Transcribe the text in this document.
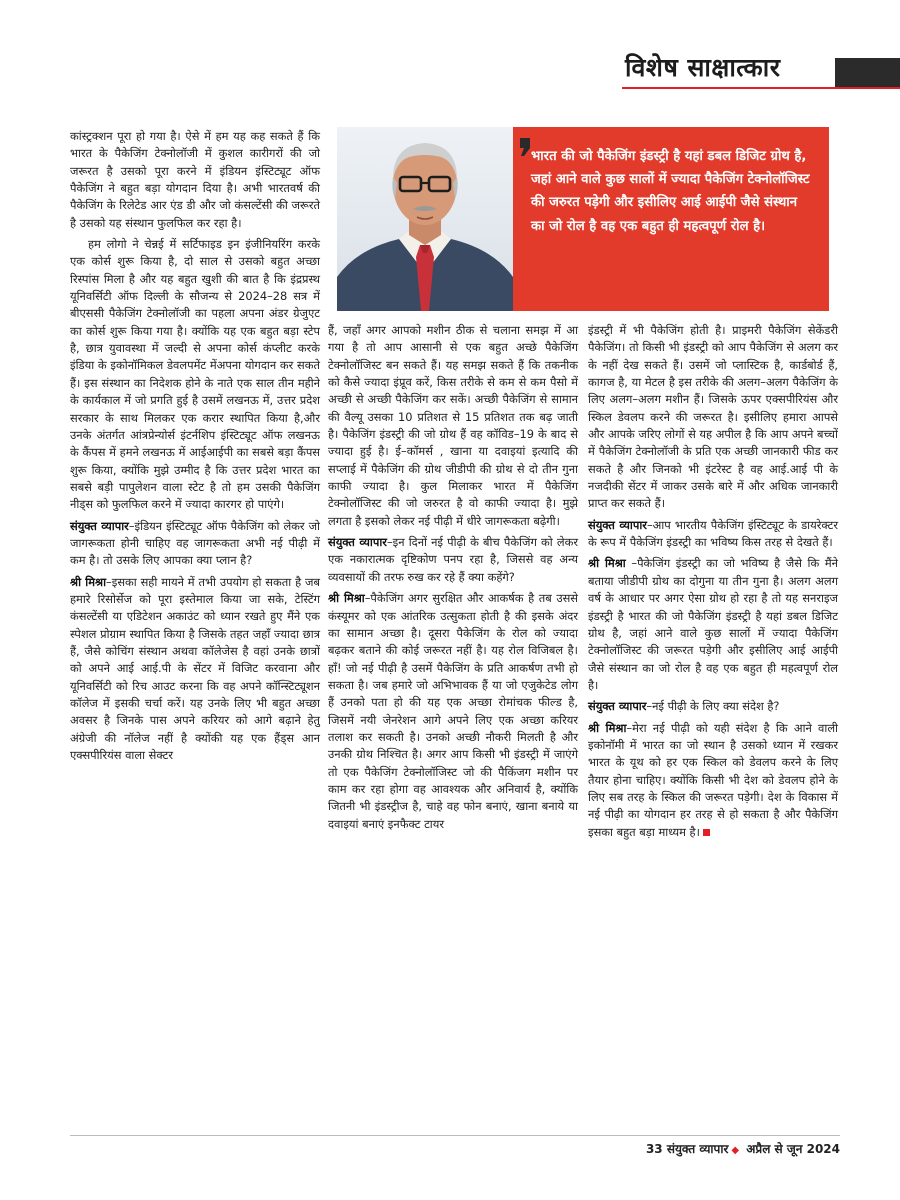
विशेष साक्षात्कार
भारत की जो पैकेजिंग इंडस्ट्री है यहां डबल डिजिट ग्रोथ है, जहां आने वाले कुछ सालों में ज्यादा पैकेजिंग टेक्नोलॉजिस्ट की जरुरत पड़ेगी और इसीलिए आई आईपी जैसे संस्थान का जो रोल है वह एक बहुत ही महत्वपूर्ण रोल है।

कांस्ट्रक्शन पूरा हो गया है। ऐसे में हम यह कह सकते हैं कि भारत के पैकेजिंग टेक्नोलॉजी में कुशल कारीगरों की जो जरूरत है उसको पूरा करने में इंडियन इंस्टिट्यूट ऑफ पैकेजिंग ने बहुत बड़ा योगदान दिया है। अभी भारतवर्ष की पैकेजिंग के रिलेटेड आर एंड डी और जो कंसल्टेंसी की जरूरते है उसको यह संस्थान फुलफिल कर रहा है।

हम लोगो ने चेन्नई में सर्टिफाइड इन इंजीनियरिंग करके एक कोर्स शुरू किया है, दो साल से उसको बहुत अच्छा रिस्पांस मिला है और यह बहुत खुशी की बात है कि इंद्रप्रस्थ यूनिवर्सिटी ऑफ दिल्ली के सौजन्य से 2024–28 सत्र में बीएससी पैकेजिंग टेक्नोलॉजी का पहला अपना अंडर ग्रेजुएट का कोर्स शुरू किया गया है। क्योंकि यह एक बहुत बड़ा स्टेप है, छात्र युवावस्था में जल्दी से अपना कोर्स कंप्लीट करके इंडिया के इकोनॉमिकल डेवलपमेंट मेंअपना योगदान कर सकते हैं। इस संस्थान का निदेशक होने के नाते एक साल तीन महीने के कार्यकाल में जो प्रगति हुई है उसमें लखनऊ में, उत्तर प्रदेश सरकार के साथ मिलकर एक करार स्थापित किया है,और उनके अंतर्गत आंत्रप्रेन्योर्स इंटर्नशिप इंस्टिट्यूट ऑफ लखनऊ के कैंपस में हमने लखनऊ में आईआईपी का सबसे बड़ा कैंपस शुरू किया, क्योंकि मुझे उम्मीद है कि उत्तर प्रदेश भारत का सबसे बड़ी पापुलेशन वाला स्टेट है तो हम उसकी पैकेजिंग नीड्स को फुलफिल करने में ज्यादा कारगर हो पाएंगे।

संयुक्त व्यापार–इंडियन इंस्टिट्यूट ऑफ पैकेजिंग को लेकर जो जागरूकता होनी चाहिए वह जागरूकता अभी नई पीढ़ी में कम है। तो उसके लिए आपका क्या प्लान है?

श्री मिश्रा–इसका सही मायने में तभी उपयोग हो सकता है जब हमारे रिसोर्सेज को पूरा इस्तेमाल किया जा सके, टेस्टिंग कंसल्टेंसी या एडिटेशन अकाउंट को ध्यान रखते हुए मैंने एक स्पेशल प्रोग्राम स्थापित किया है जिसके तहत जहाँ ज्यादा छात्र हैं, जैसे कोचिंग संस्थान अथवा कॉलेजेस है वहां उनके छात्रों को अपने आई आई.पी के सेंटर में विजिट करवाना और यूनिवर्सिटी को रिच आउट करना कि वह अपने कॉन्स्टिट्यूशन कॉलेज में इसकी चर्चा करें। यह उनके लिए भी बहुत अच्छा अवसर है जिनके पास अपने करियर को आगे बढ़ाने हेतु अंग्रेजी की नॉलेज नहीं है क्योंकी यह एक हैंड्स आन एक्सपीरियंस वाला सेक्टर

हैं, जहाँ अगर आपको मशीन ठीक से चलाना समझ में आ गया है तो आप आसानी से एक बहुत अच्छे पैकेजिंग टेक्नोलॉजिस्ट बन सकते हैं। यह समझ सकते हैं कि तकनीक को कैसे ज्यादा इंप्रूव करें, किस तरीके से कम से कम पैसो में अच्छी से अच्छी पैकेजिंग कर सकें। अच्छी पैकेजिंग से सामान की वैल्यू उसका 10 प्रतिशत से 15 प्रतिशत तक बढ़ जाती है। पैकेजिंग इंडस्ट्री की जो ग्रोथ हैं वह कॉविड–19 के बाद से ज्यादा हुई है। ई–कॉमर्स , खाना या दवाइयां इत्यादि की सप्लाई में पैकेजिंग की ग्रोथ जीडीपी की ग्रोथ से दो तीन गुना काफी ज्यादा है। कुल मिलाकर भारत में पैकेजिंग टेक्नोलॉजिस्ट की जो जरुरत है वो काफी ज्यादा है। मुझे लगता है इसको लेकर नई पीढ़ी में धीरे जागरूकता बढ़ेगी।

संयुक्त व्यापार–इन दिनों नई पीढ़ी के बीच पैकेजिंग को लेकर एक नकारात्मक दृष्टिकोण पनप रहा है, जिससे वह अन्य व्यवसायों की तरफ रुख कर रहे हैं क्या कहेंगे?

श्री मिश्रा–पैकेजिंग अगर सुरक्षित और आकर्षक है तब उससे कंस्यूमर को एक आंतरिक उत्सुकता होती है की इसके अंदर का सामान अच्छा है। दूसरा पैकेजिंग के रोल को ज्यादा बढ़कर बताने की कोई जरूरत नहीं है। यह रोल विजिबल है।हाँ! जो नई पीढ़ी है उसमें पैकेजिंग के प्रति आकर्षण तभी हो सकता है। जब हमारे जो अभिभावक हैं या जो एजुकेटेड लोग हैं उनको पता हो की यह एक अच्छा रोमांचक फील्ड है, जिसमें नयी जेनरेशन आगे अपने लिए एक अच्छा करियर तलाश कर सकती है। उनको अच्छी नौकरी मिलती है और उनकी ग्रोथ निश्चित है। अगर आप किसी भी इंडस्ट्री में जाएंगे तो एक पैकेजिंग टेक्नोलॉजिस्ट जो की पैकिंजग मशीन पर काम कर रहा होगा वह आवश्यक और अनिवार्य है, क्योंकि जितनी भी इंडस्ट्रीज है, चाहे वह फोन बनाएं, खाना बनाये या दवाइयां बनाएं इनफैक्ट टायर

इंडस्ट्री में भी पैकेजिंग होती है। प्राइमरी पैकेजिंग सेकेंडरी पैकेजिंग। तो किसी भी इंडस्ट्री को आप पैकेजिंग से अलग कर के नहीं देख सकते हैं। उसमें जो प्लास्टिक है, कार्डबोर्ड हैं, कागज है, या मेटल है इस तरीके की अलग–अलग पैकेजिंग के लिए अलग–अलग मशीन हैं। जिसके ऊपर एक्सपीरियंस और स्किल डेवलप करने की जरूरत है। इसीलिए हमारा आपसे और आपके जरिए लोगों से यह अपील है कि आप अपने बच्चों में पैकेजिंग टेक्नोलॉजी के प्रति एक अच्छी जानकारी फीड कर सकते है और जिनको भी इंटरेस्ट है वह आई.आई पी के नजदीकी सेंटर में जाकर उसके बारे में और अधिक जानकारी प्राप्त कर सकते हैं।

संयुक्त व्यापार–आप भारतीय पैकेजिंग इंस्टिट्यूट के डायरेक्टर के रूप में पैकेजिंग इंडस्ट्री का भविष्य किस तरह से देखते हैं।

श्री मिश्रा –पैकेजिंग इंडस्ट्री का जो भविष्य है जैसे कि मैंने बताया जीडीपी ग्रोथ का दोगुना या तीन गुना है। अलग अलग वर्ष के आधार पर अगर ऐसा ग्रोथ हो रहा है तो यह सनराइज इंडस्ट्री है भारत की जो पैकेजिंग इंडस्ट्री है यहां डबल डिजिट ग्रोथ है, जहां आने वाले कुछ सालों में ज्यादा पैकेजिंग टेक्नोलॉजिस्ट की जरूरत पड़ेगी और इसीलिए आई आईपी जैसे संस्थान का जो रोल है वह एक बहुत ही महत्वपूर्ण रोल है।

संयुक्त व्यापार–नई पीढ़ी के लिए क्या संदेश है?

श्री मिश्रा–मेरा नई पीढ़ी को यही संदेश है कि आने वाली इकोनॉमी में भारत का जो स्थान है उसको ध्यान में रखकर भारत के यूथ को हर एक स्किल को डेवलप करने के लिए तैयार होना चाहिए। क्योंकि किसी भी देश को डेवलप होने के लिए सब तरह के स्किल की जरूरत पड़ेगी। देश के विकास में नई पीढ़ी का योगदान हर तरह से हो सकता है और पैकेजिंग इसका बहुत बड़ा माध्यम है।

33 संयुक्त व्यापार ◆ अप्रैल से जून 2024
